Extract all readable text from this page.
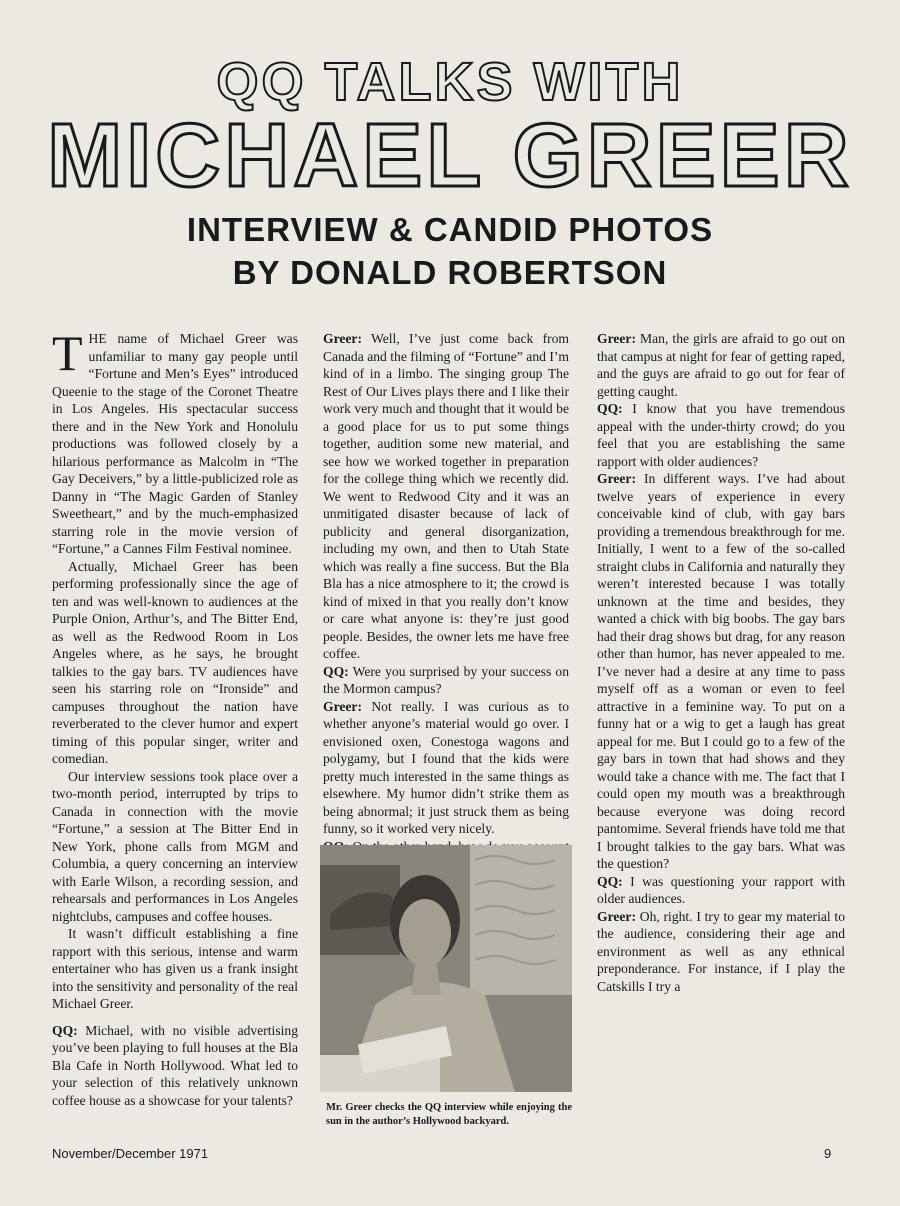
QQ TALKS WITH
MICHAEL GREER
INTERVIEW & CANDID PHOTOS
BY DONALD ROBERTSON

THE name of Michael Greer was unfamiliar to many gay people until “Fortune and Men’s Eyes” introduced Queenie to the stage of the Coronet Theatre in Los Angeles. His spectacular success there and in the New York and Honolulu productions was followed closely by a hilarious performance as Malcolm in “The Gay Deceivers,” by a little-publicized role as Danny in “The Magic Garden of Stanley Sweetheart,” and by the much-emphasized starring role in the movie version of “Fortune,” a Cannes Film Festival nominee.

Actually, Michael Greer has been performing professionally since the age of ten and was well-known to audiences at the Purple Onion, Arthur’s, and The Bitter End, as well as the Redwood Room in Los Angeles where, as he says, he brought talkies to the gay bars. TV audiences have seen his starring role on “Ironside” and campuses throughout the nation have reverberated to the clever humor and expert timing of this popular singer, writer and comedian.

Our interview sessions took place over a two-month period, interrupted by trips to Canada in connection with the movie “Fortune,” a session at The Bitter End in New York, phone calls from MGM and Columbia, a query concerning an interview with Earle Wilson, a recording session, and rehearsals and performances in Los Angeles nightclubs, campuses and coffee houses.

It wasn’t difficult establishing a fine rapport with this serious, intense and warm entertainer who has given us a frank insight into the sensitivity and personality of the real Michael Greer.

QQ: Michael, with no visible advertising you’ve been playing to full houses at the Bla Bla Cafe in North Hollywood. What led to your selection of this relatively unknown coffee house as a showcase for your talents?

Greer: Well, I’ve just come back from Canada and the filming of “Fortune” and I’m kind of in a limbo. The singing group The Rest of Our Lives plays there and I like their work very much and thought that it would be a good place for us to put some things together, audition some new material, and see how we worked together in preparation for the college thing which we recently did. We went to Redwood City and it was an unmitigated disaster because of lack of publicity and general disorganization, including my own, and then to Utah State which was really a fine success. But the Bla Bla has a nice atmosphere to it; the crowd is kind of mixed in that you really don’t know or care what anyone is: they’re just good people. Besides, the owner lets me have free coffee.

QQ: Were you surprised by your success on the Mormon campus?

Greer: Not really. I was curious as to whether anyone’s material would go over. I envisioned oxen, Conestoga wagons and polygamy, but I found that the kids were pretty much interested in the same things as elsewhere. My humor didn’t strike them as being abnormal; it just struck them as being funny, so it worked very nicely.

Mr. Greer checks the QQ interview while enjoying the sun in the author’s Hollywood backyard.

Greer: Man, the girls are afraid to go out on that campus at night for fear of getting raped, and the guys are afraid to go out for fear of getting caught.

QQ: I know that you have tremendous appeal with the under-thirty crowd; do you feel that you are establishing the same rapport with older audiences?

Greer: In different ways. I’ve had about twelve years of experience in every conceivable kind of club, with gay bars providing a tremendous breakthrough for me. Initially, I went to a few of the so-called straight clubs in California and naturally they weren’t interested because I was totally unknown at the time and besides, they wanted a chick with big boobs. The gay bars had their drag shows but drag, for any reason other than humor, has never appealed to me. I’ve never had a desire at any time to pass myself off as a woman or even to feel attractive in a feminine way. To put on a funny hat or a wig to get a laugh has great appeal for me. But I could go to a few of the gay bars in town that had shows and they would take a chance with me. The fact that I could open my mouth was a breakthrough because everyone was doing record pantomime. Several friends have told me that I brought talkies to the gay bars. What was the question?

QQ: I was questioning your rapport with older audiences.

Greer: Oh, right. I try to gear my material to the audience, considering their age and environment as well as any ethnical preponderance. For instance, if I play the Catskills I try a

November/December 1971	9
